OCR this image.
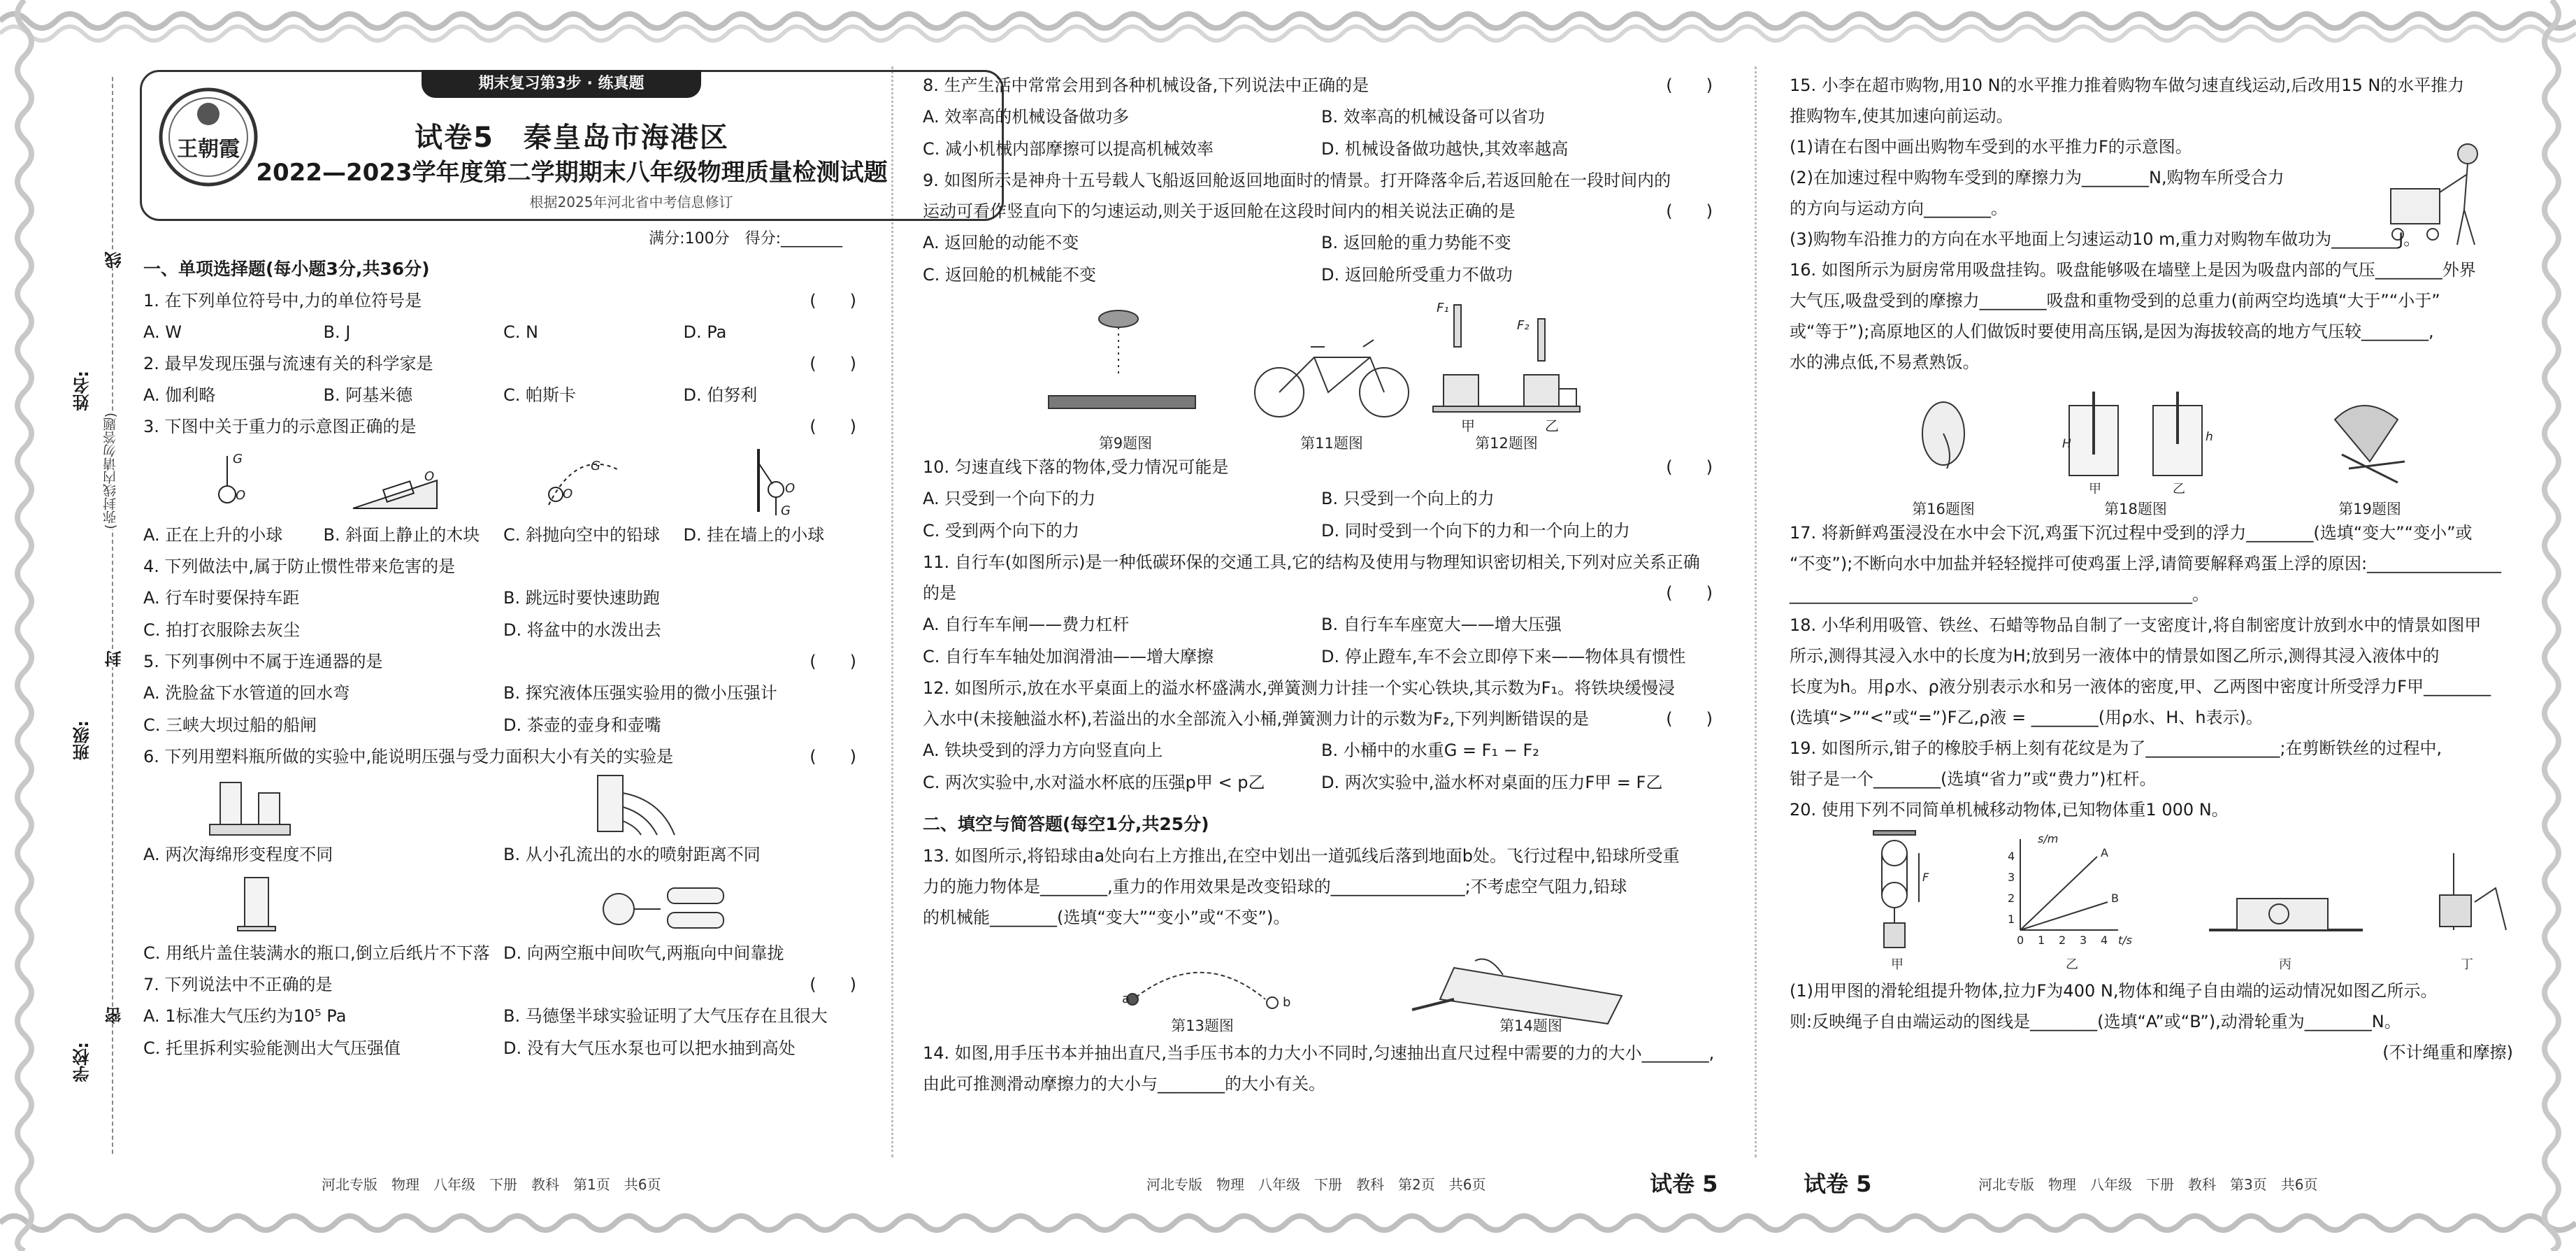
姓名:
班级:
学校:
线
封
密
(弥封线内请勿答题)
期末复习第3步 · 练真题
王朝霞	试卷5　秦皇岛市海港区
2022—2023学年度第二学期期末八年级物理质量检测试题
根据2025年河北省中考信息修订
满分:100分　得分:________
一、单项选择题(每小题3分,共36分)
1. 在下列单位符号中,力的单位符号是	(　　)
A. W	B. J	C. N	D. Pa
2. 最早发现压强与流速有关的科学家是	(　　)
A. 伽利略	B. 阿基米德	C. 帕斯卡	D. 伯努利
3. 下图中关于重力的示意图正确的是	(　　)
G
O
O
G
O	O
G
A. 正在上升的小球	B. 斜面上静止的木块	C. 斜抛向空中的铅球	D. 挂在墙上的小球
4. 下列做法中,属于防止惯性带来危害的是
A. 行车时要保持车距	B. 跳远时要快速助跑
C. 拍打衣服除去灰尘	D. 将盆中的水泼出去
5. 下列事例中不属于连通器的是	(　　)
A. 洗脸盆下水管道的回水弯	B. 探究液体压强实验用的微小压强计
C. 三峡大坝过船的船闸	D. 茶壶的壶身和壶嘴
6. 下列用塑料瓶所做的实验中,能说明压强与受力面积大小有关的实验是	(　　)
A. 两次海绵形变程度不同	B. 从小孔流出的水的喷射距离不同
C. 用纸片盖住装满水的瓶口,倒立后纸片不下落 D. 向两空瓶中间吹气,两瓶向中间靠拢
7. 下列说法中不正确的是	(　　)
A. 1标准大气压约为10⁵ Pa	B. 马德堡半球实验证明了大气压存在且很大
C. 托里拆利实验能测出大气压强值	D. 没有大气压水泵也可以把水抽到高处
8. 生产生活中常常会用到各种机械设备,下列说法中正确的是	(　　)
A. 效率高的机械设备做功多	B. 效率高的机械设备可以省功
C. 减小机械内部摩擦可以提高机械效率	D. 机械设备做功越快,其效率越高
9. 如图所示是神舟十五号载人飞船返回舱返回地面时的情景。打开降落伞后,若返回舱在一段时间内的
运动可看作竖直向下的匀速运动,则关于返回舱在这段时间内的相关说法正确的是	(　　)
A. 返回舱的动能不变	B. 返回舱的重力势能不变
C. 返回舱的机械能不变	D. 返回舱所受重力不做功
F₁
F₂
甲	乙
第9题图	第11题图	第12题图
10. 匀速直线下落的物体,受力情况可能是	(　　)
A. 只受到一个向下的力	B. 只受到一个向上的力
C. 受到两个向下的力	D. 同时受到一个向下的力和一个向上的力
11. 自行车(如图所示)是一种低碳环保的交通工具,它的结构及使用与物理知识密切相关,下列对应关系正确
的是	(　　)
A. 自行车车闸——费力杠杆	B. 自行车车座宽大——增大压强
C. 自行车车轴处加润滑油——增大摩擦	D. 停止蹬车,车不会立即停下来——物体具有惯性
12. 如图所示,放在水平桌面上的溢水杯盛满水,弹簧测力计挂一个实心铁块,其示数为F₁。将铁块缓慢浸
入水中(未接触溢水杯),若溢出的水全部流入小桶,弹簧测力计的示数为F₂,下列判断错误的是	(　　)
A. 铁块受到的浮力方向竖直向上	B. 小桶中的水重G = F₁ − F₂
C. 两次实验中,水对溢水杯底的压强p甲 < p乙	D. 两次实验中,溢水杯对桌面的压力F甲 = F乙
二、填空与简答题(每空1分,共25分)
13. 如图所示,将铅球由a处向右上方推出,在空中划出一道弧线后落到地面b处。飞行过程中,铅球所受重
力的施力物体是________,重力的作用效果是改变铅球的________________;不考虑空气阻力,铅球
的机械能________(选填“变大”“变小”或“不变”)。
a	b
第13题图	第14题图
14. 如图,用手压书本并抽出直尺,当手压书本的力大小不同时,匀速抽出直尺过程中需要的力的大小________,
由此可推测滑动摩擦力的大小与________的大小有关。
15. 小李在超市购物,用10 N的水平推力推着购物车做匀速直线运动,后改用15 N的水平推力
推购物车,使其加速向前运动。
(1)请在右图中画出购物车受到的水平推力F的示意图。
(2)在加速过程中购物车受到的摩擦力为________N,购物车所受合力
的方向与运动方向________。
(3)购物车沿推力的方向在水平地面上匀速运动10 m,重力对购物车做功为________J。
16. 如图所示为厨房常用吸盘挂钩。吸盘能够吸在墙壁上是因为吸盘内部的气压________外界
大气压,吸盘受到的摩擦力________吸盘和重物受到的总重力(前两空均选填“大于”“小于”
或“等于”);高原地区的人们做饭时要使用高压锅,是因为海拔较高的地方气压较________,
水的沸点低,不易煮熟饭。
H	h
甲	乙
第16题图	第18题图	第19题图
17. 将新鲜鸡蛋浸没在水中会下沉,鸡蛋下沉过程中受到的浮力________(选填“变大”“变小”或
“不变”);不断向水中加盐并轻轻搅拌可使鸡蛋上浮,请简要解释鸡蛋上浮的原因:________________
________________________________________________。
18. 小华利用吸管、铁丝、石蜡等物品自制了一支密度计,将自制密度计放到水中的情景如图甲
所示,测得其浸入水中的长度为H;放到另一液体中的情景如图乙所示,测得其浸入液体中的
长度为h。用ρ水、ρ液分别表示水和另一液体的密度,甲、乙两图中密度计所受浮力F甲________
(选填“>”“<”或“=”)F乙,ρ液 = ________(用ρ水、H、h表示)。
19. 如图所示,钳子的橡胶手柄上刻有花纹是为了________________;在剪断铁丝的过程中,
钳子是一个________(选填“省力”或“费力”)杠杆。
20. 使用下列不同简单机械移动物体,已知物体重1 000 N。
s/m
t/s
A
B
4
3
2
1
0 1 2 3 4
F
甲	乙	丙	丁
(1)用甲图的滑轮组提升物体,拉力F为400 N,物体和绳子自由端的运动情况如图乙所示。
则:反映绳子自由端运动的图线是________(选填“A”或“B”),动滑轮重为________N。
(不计绳重和摩擦)
河北专版　物理　八年级　下册　教科　第1页　共6页	河北专版　物理　八年级　下册　教科　第2页　共6页	试卷 5	试卷 5	河北专版　物理　八年级　下册　教科　第3页　共6页
